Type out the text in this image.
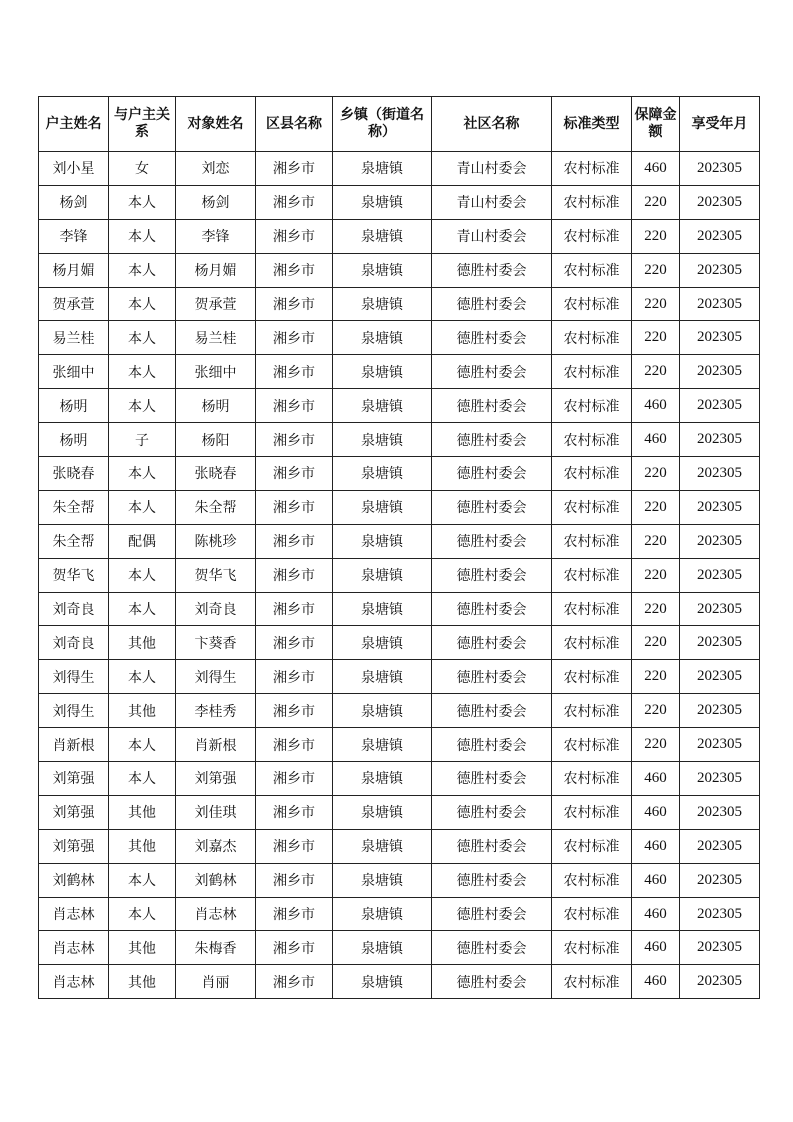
户主姓名	与户主关系	对象姓名	区县名称	乡镇（街道名称）	社区名称	标准类型	保障金额	享受年月
刘小星	女	刘恋	湘乡市	泉塘镇	青山村委会	农村标准	460	202305
杨剑	本人	杨剑	湘乡市	泉塘镇	青山村委会	农村标准	220	202305
李锋	本人	李锋	湘乡市	泉塘镇	青山村委会	农村标准	220	202305
杨月媚	本人	杨月媚	湘乡市	泉塘镇	德胜村委会	农村标准	220	202305
贺承萱	本人	贺承萱	湘乡市	泉塘镇	德胜村委会	农村标准	220	202305
易兰桂	本人	易兰桂	湘乡市	泉塘镇	德胜村委会	农村标准	220	202305
张细中	本人	张细中	湘乡市	泉塘镇	德胜村委会	农村标准	220	202305
杨明	本人	杨明	湘乡市	泉塘镇	德胜村委会	农村标准	460	202305
杨明	子	杨阳	湘乡市	泉塘镇	德胜村委会	农村标准	460	202305
张晓春	本人	张晓春	湘乡市	泉塘镇	德胜村委会	农村标准	220	202305
朱全帮	本人	朱全帮	湘乡市	泉塘镇	德胜村委会	农村标准	220	202305
朱全帮	配偶	陈桃珍	湘乡市	泉塘镇	德胜村委会	农村标准	220	202305
贺华飞	本人	贺华飞	湘乡市	泉塘镇	德胜村委会	农村标准	220	202305
刘奇良	本人	刘奇良	湘乡市	泉塘镇	德胜村委会	农村标准	220	202305
刘奇良	其他	卞葵香	湘乡市	泉塘镇	德胜村委会	农村标准	220	202305
刘得生	本人	刘得生	湘乡市	泉塘镇	德胜村委会	农村标准	220	202305
刘得生	其他	李桂秀	湘乡市	泉塘镇	德胜村委会	农村标准	220	202305
肖新根	本人	肖新根	湘乡市	泉塘镇	德胜村委会	农村标准	220	202305
刘第强	本人	刘第强	湘乡市	泉塘镇	德胜村委会	农村标准	460	202305
刘第强	其他	刘佳琪	湘乡市	泉塘镇	德胜村委会	农村标准	460	202305
刘第强	其他	刘嘉杰	湘乡市	泉塘镇	德胜村委会	农村标准	460	202305
刘鹤林	本人	刘鹤林	湘乡市	泉塘镇	德胜村委会	农村标准	460	202305
肖志林	本人	肖志林	湘乡市	泉塘镇	德胜村委会	农村标准	460	202305
肖志林	其他	朱梅香	湘乡市	泉塘镇	德胜村委会	农村标准	460	202305
肖志林	其他	肖丽	湘乡市	泉塘镇	德胜村委会	农村标准	460	202305
